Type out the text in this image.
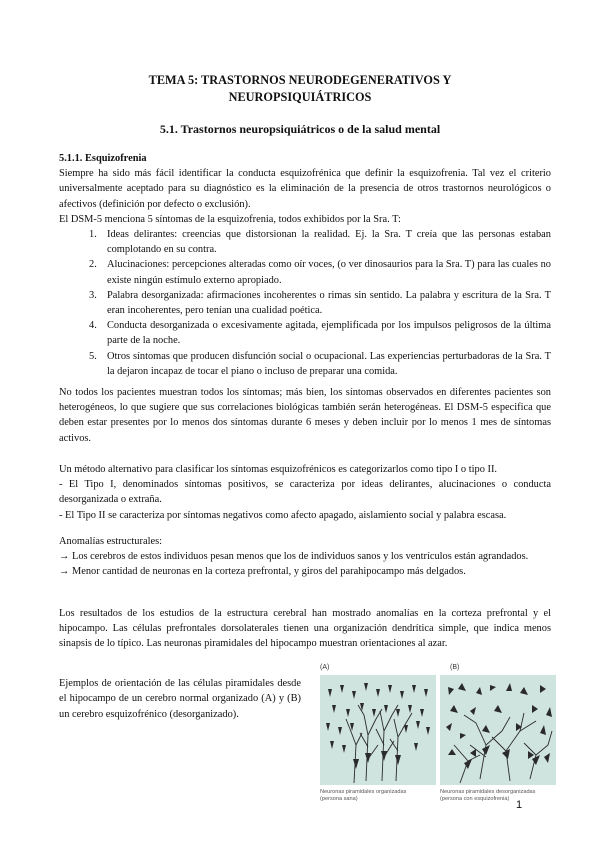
TEMA 5: TRASTORNOS NEURODEGENERATIVOS Y
NEUROPSIQUIÁTRICOS
5.1. Trastornos neuropsiquiátricos o de la salud mental

5.1.1. Esquizofrenia

Siempre ha sido más fácil identificar la conducta esquizofrénica que definir la esquizofrenia. Tal vez el criterio universalmente aceptado para su diagnóstico es la eliminación de la presencia de otros trastornos neurológicos o afectivos (definición por defecto o exclusión).

El DSM-5 menciona 5 síntomas de la esquizofrenia, todos exhibidos por la Sra. T:

1. Ideas delirantes: creencias que distorsionan la realidad. Ej. la Sra. T creía que las personas estaban complotando en su contra.
2. Alucinaciones: percepciones alteradas como oír voces, (o ver dinosaurios para la Sra. T) para las cuales no existe ningún estímulo externo apropiado.
3. Palabra desorganizada: afirmaciones incoherentes o rimas sin sentido. La palabra y escritura de la Sra. T eran incoherentes, pero tenían una cualidad poética.
4. Conducta desorganizada o excesivamente agitada, ejemplificada por los impulsos peligrosos de la última parte de la noche.
5. Otros síntomas que producen disfunción social o ocupacional. Las experiencias perturbadoras de la Sra. T la dejaron incapaz de tocar el piano o incluso de preparar una comida.
No todos los pacientes muestran todos los síntomas; más bien, los síntomas observados en diferentes pacientes son heterogéneos, lo que sugiere que sus correlaciones biológicas también serán heterogéneas. El DSM-5 especifica que deben estar presentes por lo menos dos síntomas durante 6 meses y deben incluir por lo menos 1 mes de síntomas activos.

Un método alternativo para clasificar los síntomas esquizofrénicos es categorizarlos como tipo I o tipo II.

- El Tipo I, denominados síntomas positivos, se caracteriza por ideas delirantes, alucinaciones o conducta desorganizada o extraña.

- El Tipo II se caracteriza por síntomas negativos como afecto apagado, aislamiento social y palabra escasa.

Anomalías estructurales:

→ Los cerebros de estos individuos pesan menos que los de individuos sanos y los ventrículos están agrandados.

→ Menor cantidad de neuronas en la corteza prefrontal, y giros del parahipocampo más delgados.

Los resultados de los estudios de la estructura cerebral han mostrado anomalías en la corteza prefrontal y el hipocampo. Las células prefrontales dorsolaterales tienen una organización dendrítica simple, que indica menos sinapsis de lo típico. Las neuronas piramidales del hipocampo muestran orientaciones al azar.
Ejemplos de orientación de las células piramidales desde el hipocampo de un cerebro normal organizado (A) y (B) un cerebro esquizofrénico (desorganizado).
(A)	(B)
Neuronas piramidales organizadas
(persona sana)
Neuronas piramidales desorganizadas
(persona con esquizofrenia) 1
